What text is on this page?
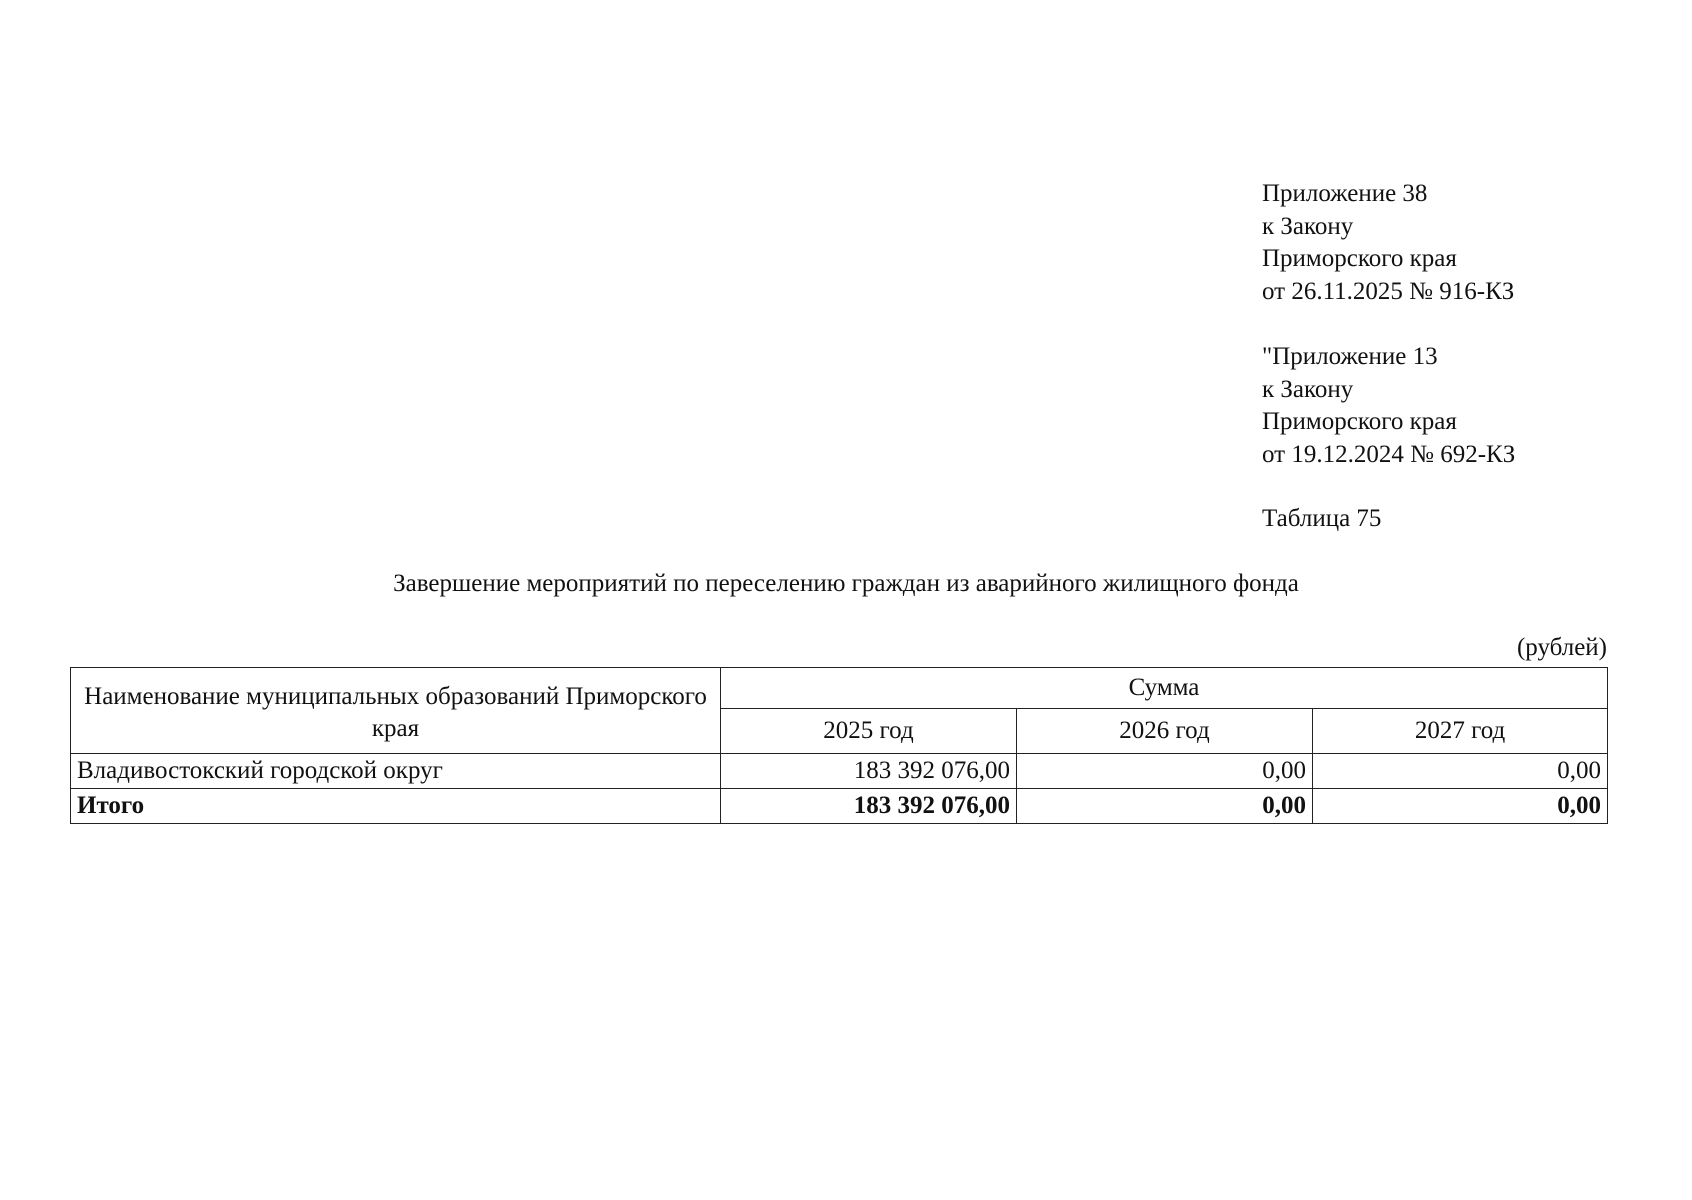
Приложение 38
к Закону
Приморского края
от 26.11.2025 № 916-КЗ
"Приложение 13
к Закону
Приморского края
от 19.12.2024 № 692-КЗ
Таблица 75
Завершение мероприятий по переселению граждан из аварийного жилищного фонда
(рублей)
Наименование муниципальных образований Приморского края	Сумма		
	2025 год	2026 год	2027 год
Владивостокский городской округ	183 392 076,00	0,00	0,00
Итого	183 392 076,00	0,00	0,00
